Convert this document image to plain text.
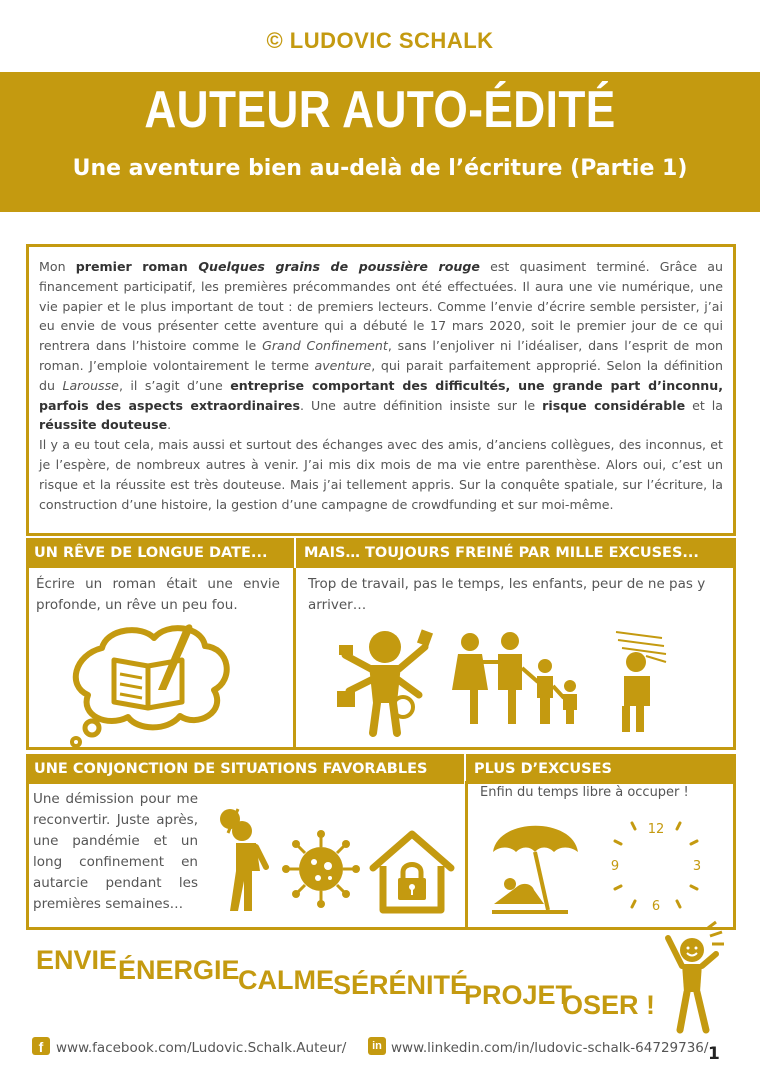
© LUDOVIC SCHALK
AUTEUR AUTO-ÉDITÉ
Une aventure bien au-delà de l’écriture (Partie 1)

Mon premier roman Quelques grains de poussière rouge est quasiment terminé. Grâce au financement participatif, les premières précommandes ont été effectuées. Il aura une vie numérique, une vie papier et le plus important de tout : de premiers lecteurs. Comme l’envie d’écrire semble persister, j’ai eu envie de vous présenter cette aventure qui a débuté le 17 mars 2020, soit le premier jour de ce qui rentrera dans l’histoire comme le Grand Confinement, sans l’enjoliver ni l’idéaliser, dans l’esprit de mon roman. J’emploie volontairement le terme aventure, qui parait parfaitement approprié. Selon la définition du Larousse, il s’agit d’une entreprise comportant des difficultés, une grande part d’inconnu, parfois des aspects extraordinaires. Une autre définition insiste sur le risque considérable et la réussite douteuse.

Il y a eu tout cela, mais aussi et surtout des échanges avec des amis, d’anciens collègues, des inconnus, et je l’espère, de nombreux autres à venir. J’ai mis dix mois de ma vie entre parenthèse. Alors oui, c’est un risque et la réussite est très douteuse. Mais j’ai tellement appris. Sur la conquête spatiale, sur l’écriture, la construction d’une histoire, la gestion d’une campagne de crowdfunding et sur moi-même.

UN RÊVE DE LONGUE DATE...	MAIS… TOUJOURS FREINÉ PAR MILLE EXCUSES...
Écrire un roman était une envie profonde, un rêve un peu fou.
Trop de travail, pas le temps, les enfants, peur de ne pas y arriver…
UNE CONJONCTION DE SITUATIONS FAVORABLES	PLUS D’EXCUSES
Une démission pour me reconvertir. Juste après, une pandémie et un long confinement en autarcie pendant les premières semaines…
Enfin du temps libre à occuper !
12
3
6
9
ENVIE ÉNERGIE
CALME SÉRÉNITÉ
PROJET
OSER !
f www.facebook.com/Ludovic.Schalk.Auteur/	in www.linkedin.com/in/ludovic-schalk-64729736/ 1
